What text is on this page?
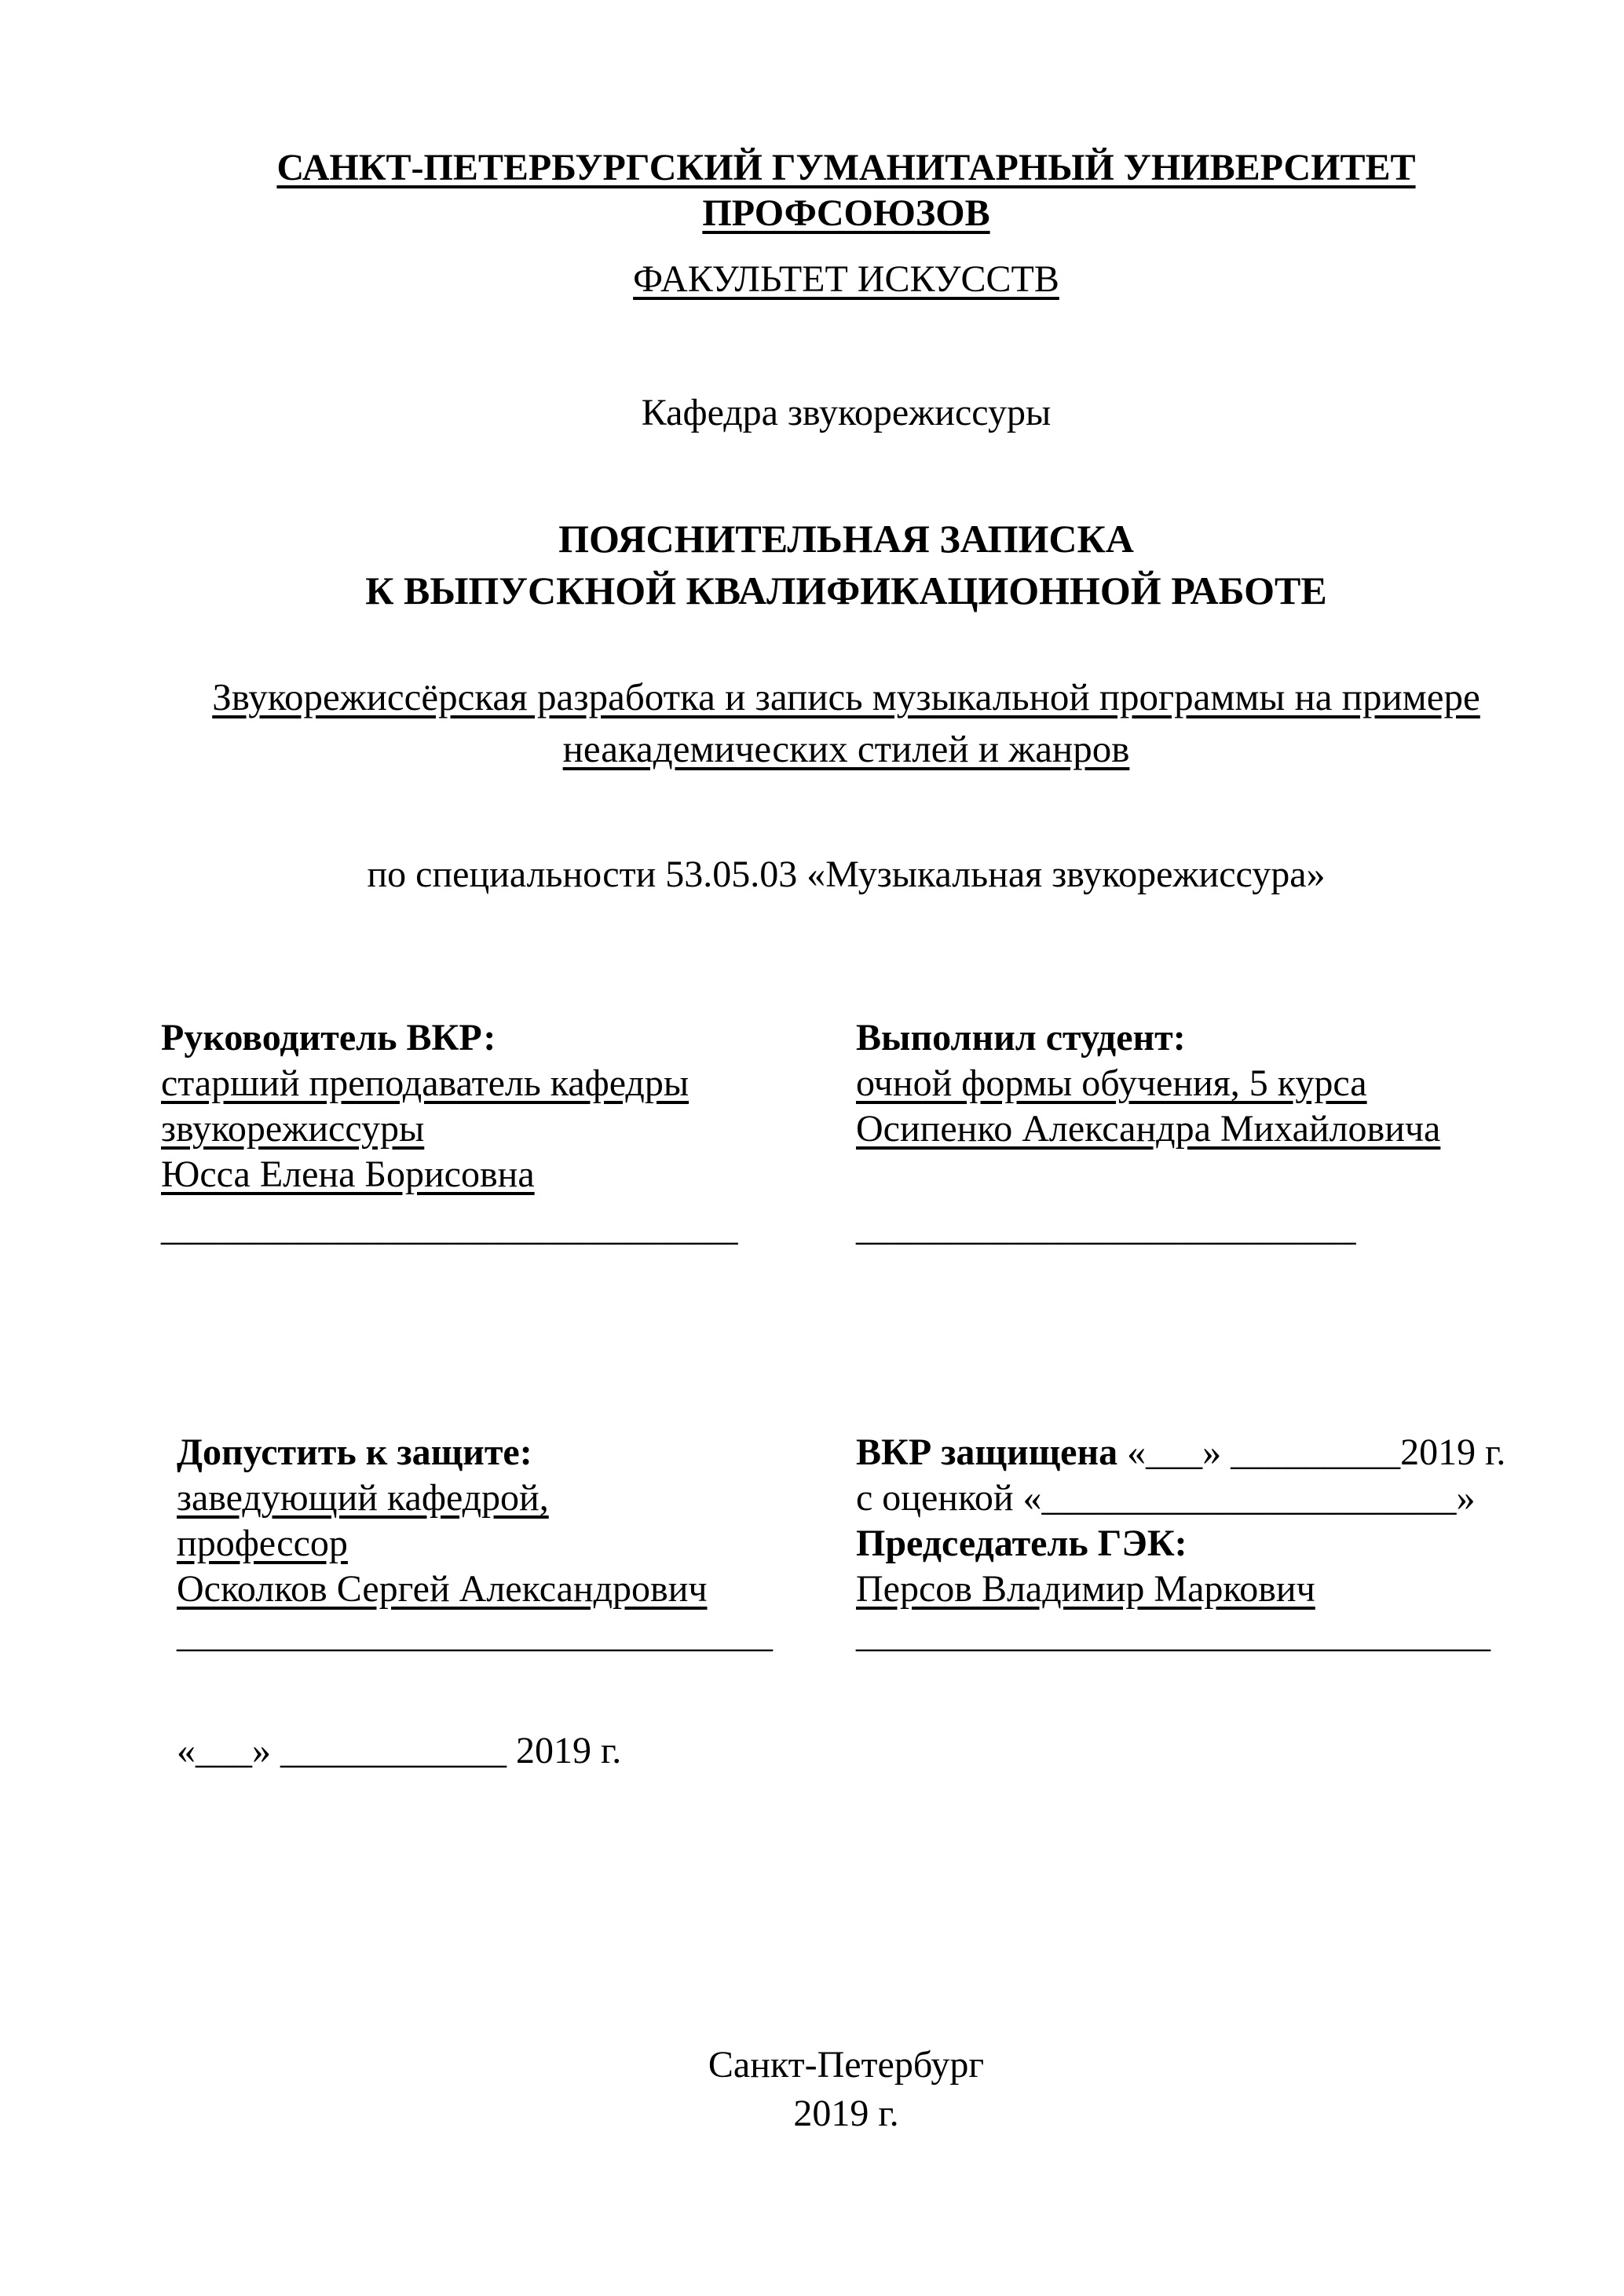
САНКТ-ПЕТЕРБУРГСКИЙ ГУМАНИТАРНЫЙ УНИВЕРСИТЕТ ПРОФСОЮЗОВ
ФАКУЛЬТЕТ ИСКУССТВ
Кафедра звукорежиссуры
ПОЯСНИТЕЛЬНАЯ ЗАПИСКА
К ВЫПУСКНОЙ КВАЛИФИКАЦИОННОЙ РАБОТЕ
Звукорежиссёрская разработка и запись музыкальной программы на примере
неакадемических стилей и жанров
по специальности 53.05.03 «Музыкальная звукорежиссура»
Руководитель ВКР:
старший преподаватель кафедры
звукорежиссуры
Юсса Елена Борисовна
______________________________
Выполнил студент:
очной формы обучения, 5 курса
Осипенко Александра Михайловича
__________________________
Допустить к защите:
заведующий кафедрой,
профессор
Осколков Сергей Александрович
_______________________________
ВКР защищена «___» _________2019 г.
с оценкой «______________________»
Председатель ГЭК:
Персов Владимир Маркович
_________________________________
«___» ____________ 2019 г.
Санкт-Петербург
2019 г.
